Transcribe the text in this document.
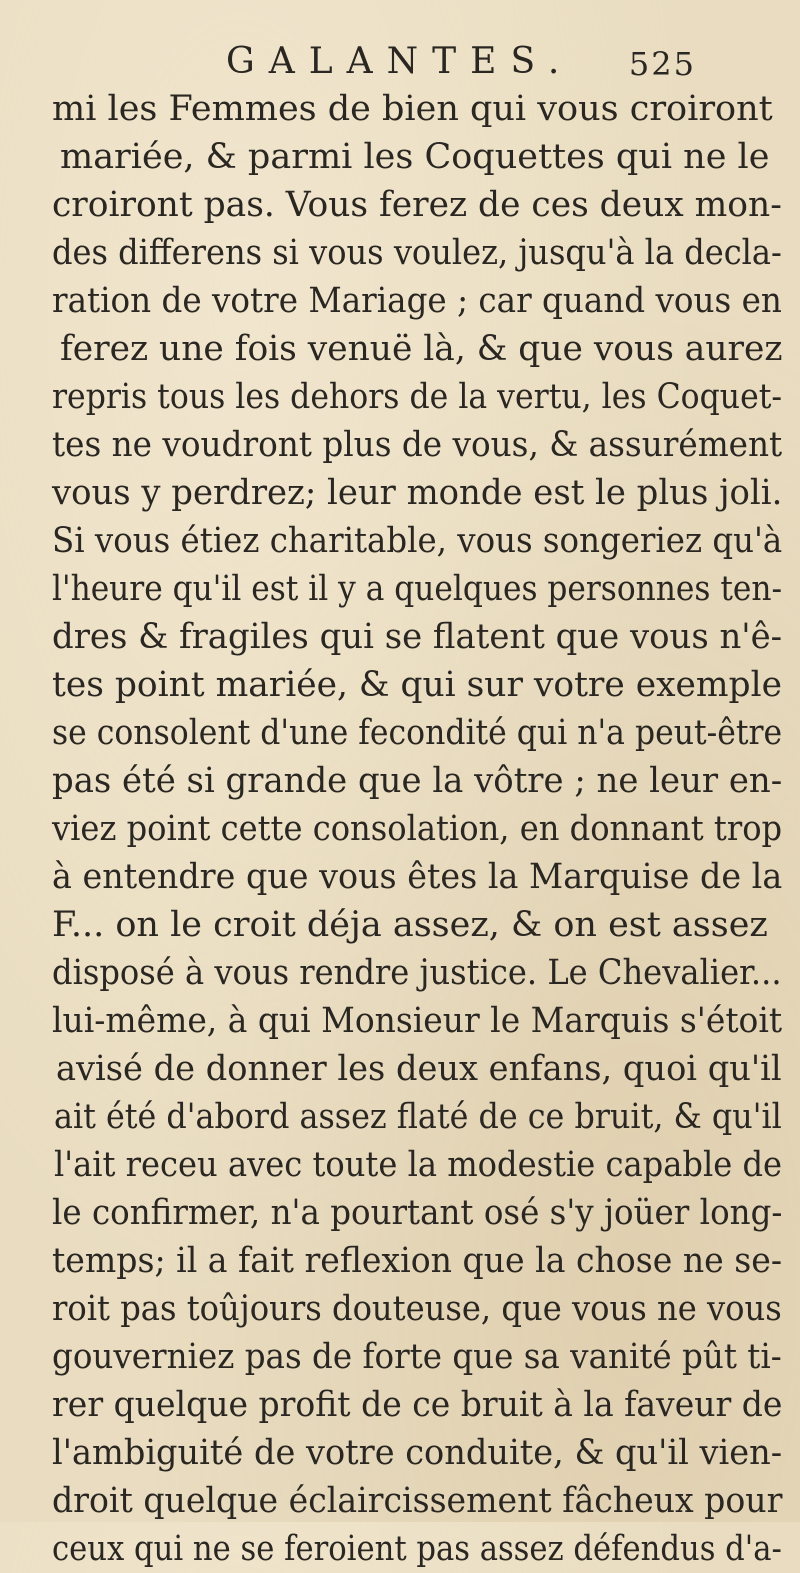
GALANTES. 525
mi les Femmes de bien qui vous croiront
mariée, & parmi les Coquettes qui ne le
croiront pas. Vous ferez de ces deux mon-
des differens si vous voulez, jusqu'à la decla-
ration de votre Mariage ; car quand vous en
ferez une fois venuë là, & que vous aurez
repris tous les dehors de la vertu, les Coquet-
tes ne voudront plus de vous, & assurément
vous y perdrez; leur monde est le plus joli.
Si vous étiez charitable, vous songeriez qu'à
l'heure qu'il est il y a quelques personnes ten-
dres & fragiles qui se flatent que vous n'ê-
tes point mariée, & qui sur votre exemple
se consolent d'une fecondité qui n'a peut-être
pas été si grande que la vôtre ; ne leur en-
viez point cette consolation, en donnant trop
à entendre que vous êtes la Marquise de la
F... on le croit déja assez, & on est assez
disposé à vous rendre justice. Le Chevalier...
lui-même, à qui Monsieur le Marquis s'étoit
avisé de donner les deux enfans, quoi qu'il
ait été d'abord assez flaté de ce bruit, & qu'il
l'ait receu avec toute la modestie capable de
le confirmer, n'a pourtant osé s'y joüer long-
temps; il a fait reflexion que la chose ne se-
roit pas toûjours douteuse, que vous ne vous
gouverniez pas de forte que sa vanité pût ti-
rer quelque profit de ce bruit à la faveur de
l'ambiguité de votre conduite, & qu'il vien-
droit quelque éclaircissement fâcheux pour
ceux qui ne se feroient pas assez défendus d'a-
